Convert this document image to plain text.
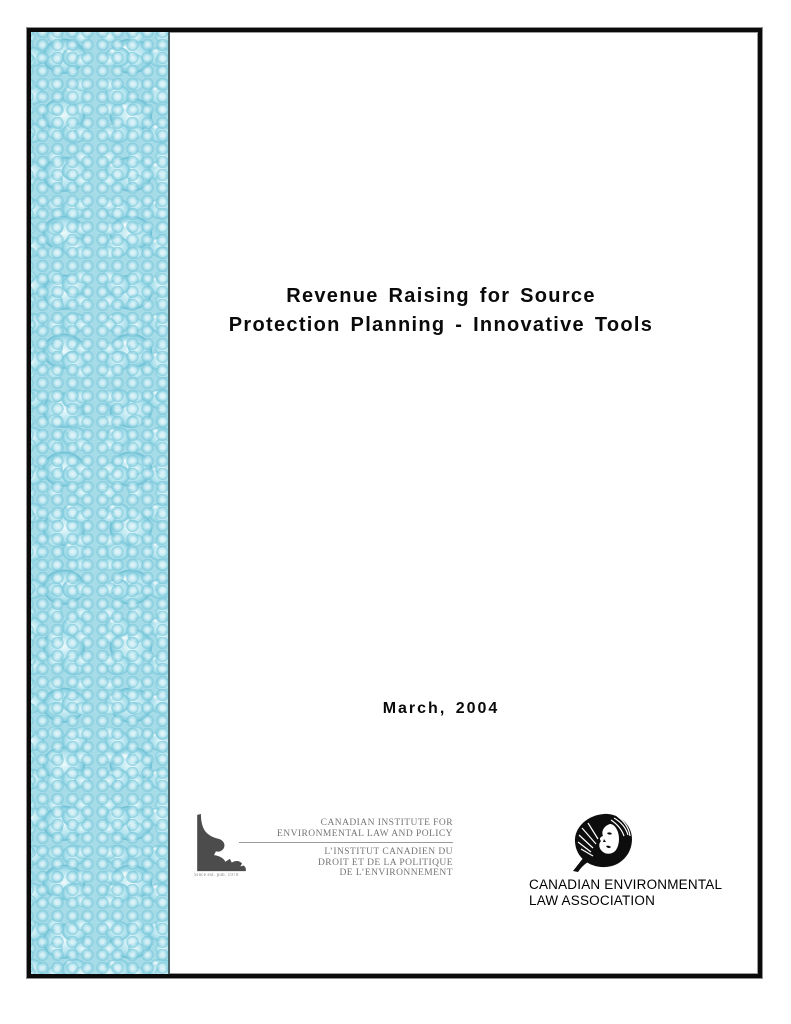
Revenue Raising for Source
Protection Planning - Innovative Tools
March, 2004
Since est. pub. 1970
CANADIAN INSTITUTE FOR
ENVIRONMENTAL LAW AND POLICY
L’INSTITUT CANADIEN DU
DROIT ET DE LA POLITIQUE
DE L’ENVIRONNEMENT
CANADIAN ENVIRONMENTAL
LAW ASSOCIATION
